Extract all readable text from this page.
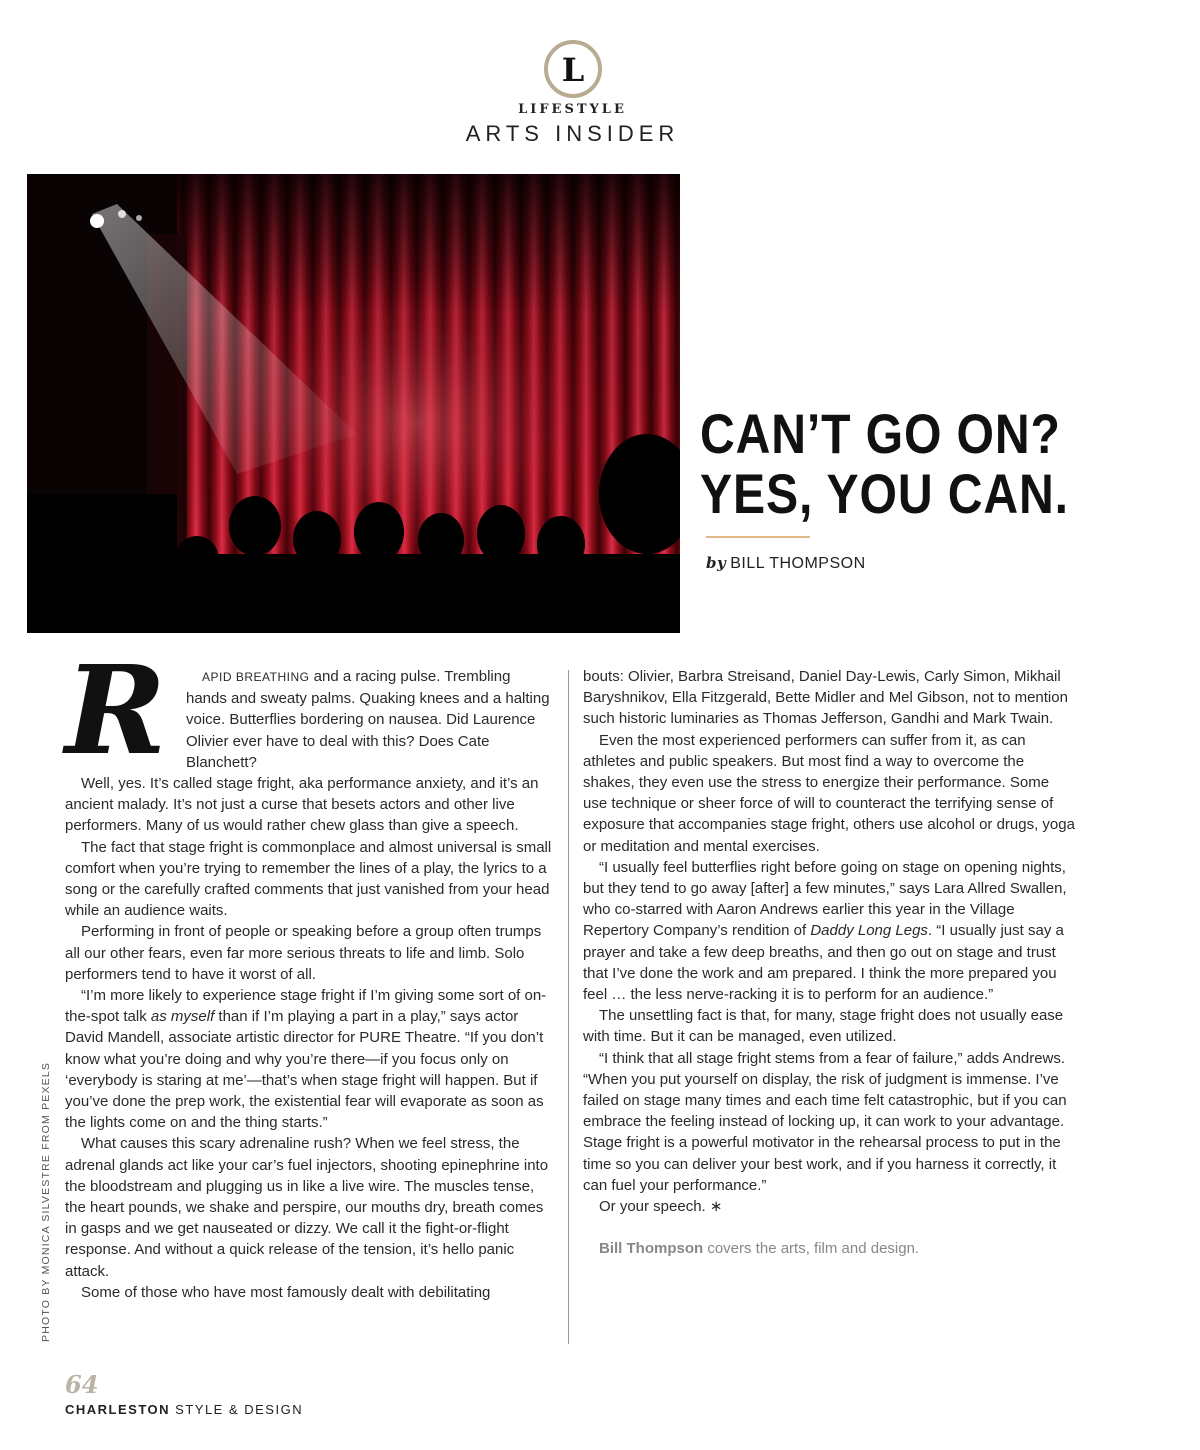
L
LIFESTYLE
ARTS INSIDER
CAN’T GO ON?
YES, YOU CAN.
by BILL THOMPSON
PHOTO BY MONICA SILVESTRE FROM PEXELS
R	APID BREATHING and a racing pulse. Trembling hands and sweaty palms. Quaking knees and a halting voice. Butterflies bordering on nausea. Did Laurence Olivier ever have to deal with this? Does Cate Blanchett?

Well, yes. It’s called stage fright, aka performance anxiety, and it’s an ancient malady. It’s not just a curse that besets actors and other live performers. Many of us would rather chew glass than give a speech.

The fact that stage fright is commonplace and almost universal is small comfort when you’re trying to remember the lines of a play, the lyrics to a song or the carefully crafted comments that just vanished from your head while an audience waits.

Performing in front of people or speaking before a group often trumps all our other fears, even far more serious threats to life and limb. Solo performers tend to have it worst of all.

“I’m more likely to experience stage fright if I’m giving some sort of on-the-spot talk as myself than if I’m playing a part in a play,” says actor David Mandell, associate artistic director for PURE Theatre. “If you don’t know what you’re doing and why you’re there—if you focus only on ‘everybody is staring at me’—that’s when stage fright will happen. But if you’ve done the prep work, the existential fear will evaporate as soon as the lights come on and the thing starts.”

What causes this scary adrenaline rush? When we feel stress, the adrenal glands act like your car’s fuel injectors, shooting epinephrine into the bloodstream and plugging us in like a live wire. The muscles tense, the heart pounds, we shake and perspire, our mouths dry, breath comes in gasps and we get nauseated or dizzy. We call it the fight-or-flight response. And without a quick release of the tension, it’s hello panic attack.

Some of those who have most famously dealt with debilitating

bouts: Olivier, Barbra Streisand, Daniel Day-Lewis, Carly Simon, Mikhail Baryshnikov, Ella Fitzgerald, Bette Midler and Mel Gibson, not to mention such historic luminaries as Thomas Jefferson, Gandhi and Mark Twain.

Even the most experienced performers can suffer from it, as can athletes and public speakers. But most find a way to overcome the shakes, they even use the stress to energize their performance. Some use technique or sheer force of will to counteract the terrifying sense of exposure that accompanies stage fright, others use alcohol or drugs, yoga or meditation and mental exercises.

“I usually feel butterflies right before going on stage on opening nights, but they tend to go away [after] a few minutes,” says Lara Allred Swallen, who co-starred with Aaron Andrews earlier this year in the Village Repertory Company’s rendition of Daddy Long Legs. “I usually just say a prayer and take a few deep breaths, and then go out on stage and trust that I’ve done the work and am prepared. I think the more prepared you feel … the less nerve-racking it is to perform for an audience.”

The unsettling fact is that, for many, stage fright does not usually ease with time. But it can be managed, even utilized.

“I think that all stage fright stems from a fear of failure,” adds Andrews. “When you put yourself on display, the risk of judgment is immense. I’ve failed on stage many times and each time felt catastrophic, but if you can embrace the feeling instead of locking up, it can work to your advantage. Stage fright is a powerful motivator in the rehearsal process to put in the time so you can deliver your best work, and if you harness it correctly, it can fuel your performance.”

Or your speech. ∗

Bill Thompson covers the arts, film and design.

64
CHARLESTON STYLE & DESIGN
